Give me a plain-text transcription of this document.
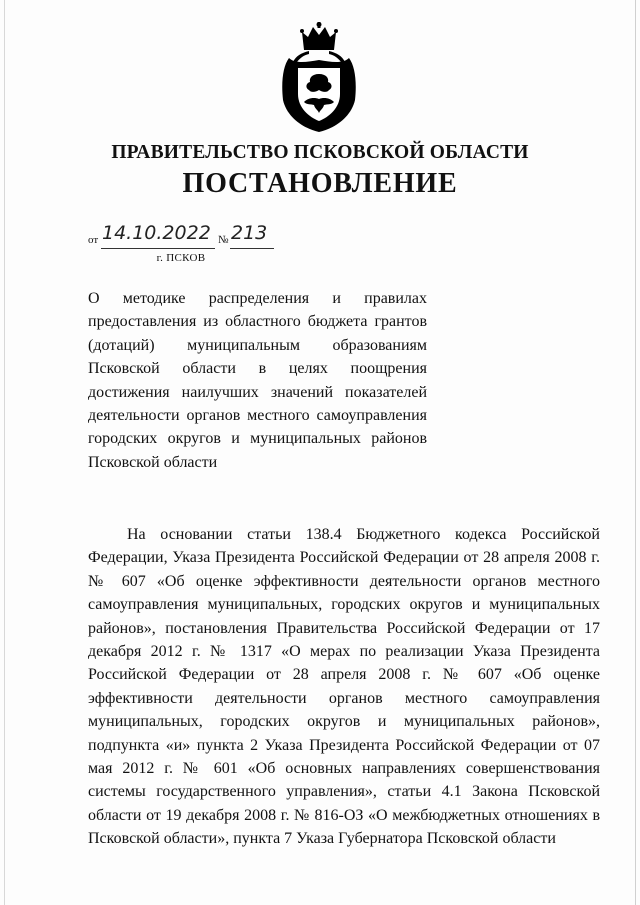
ПРАВИТЕЛЬСТВО ПСКОВСКОЙ ОБЛАСТИ
ПОСТАНОВЛЕНИЕ
от 14.10.2022 № 213
г. ПСКОВ
О методике распределения и правилах предоставления из областного бюджета грантов (дотаций) муниципальным образованиям Псковской области в целях поощрения достижения наилучших значений показателей деятельности органов местного самоуправления городских округов и муниципальных районов Псковской области
На основании статьи 138.4 Бюджетного кодекса Российской Федерации, Указа Президента Российской Федерации от 28 апреля 2008 г. № 607 «Об оценке эффективности деятельности органов местного самоуправления муниципальных, городских округов и муниципальных районов», постановления Правительства Российской Федерации от 17 декабря 2012 г. № 1317 «О мерах по реализации Указа Президента Российской Федерации от 28 апреля 2008 г. № 607 «Об оценке эффективности деятельности органов местного самоуправления муниципальных, городских округов и муниципальных районов», подпункта «и» пункта 2 Указа Президента Российской Федерации от 07 мая 2012 г. № 601 «Об основных направлениях совершенствования системы государственного управления», статьи 4.1 Закона Псковской области от 19 декабря 2008 г. № 816-ОЗ «О межбюджетных отношениях в Псковской области», пункта 7 Указа Губернатора Псковской области
